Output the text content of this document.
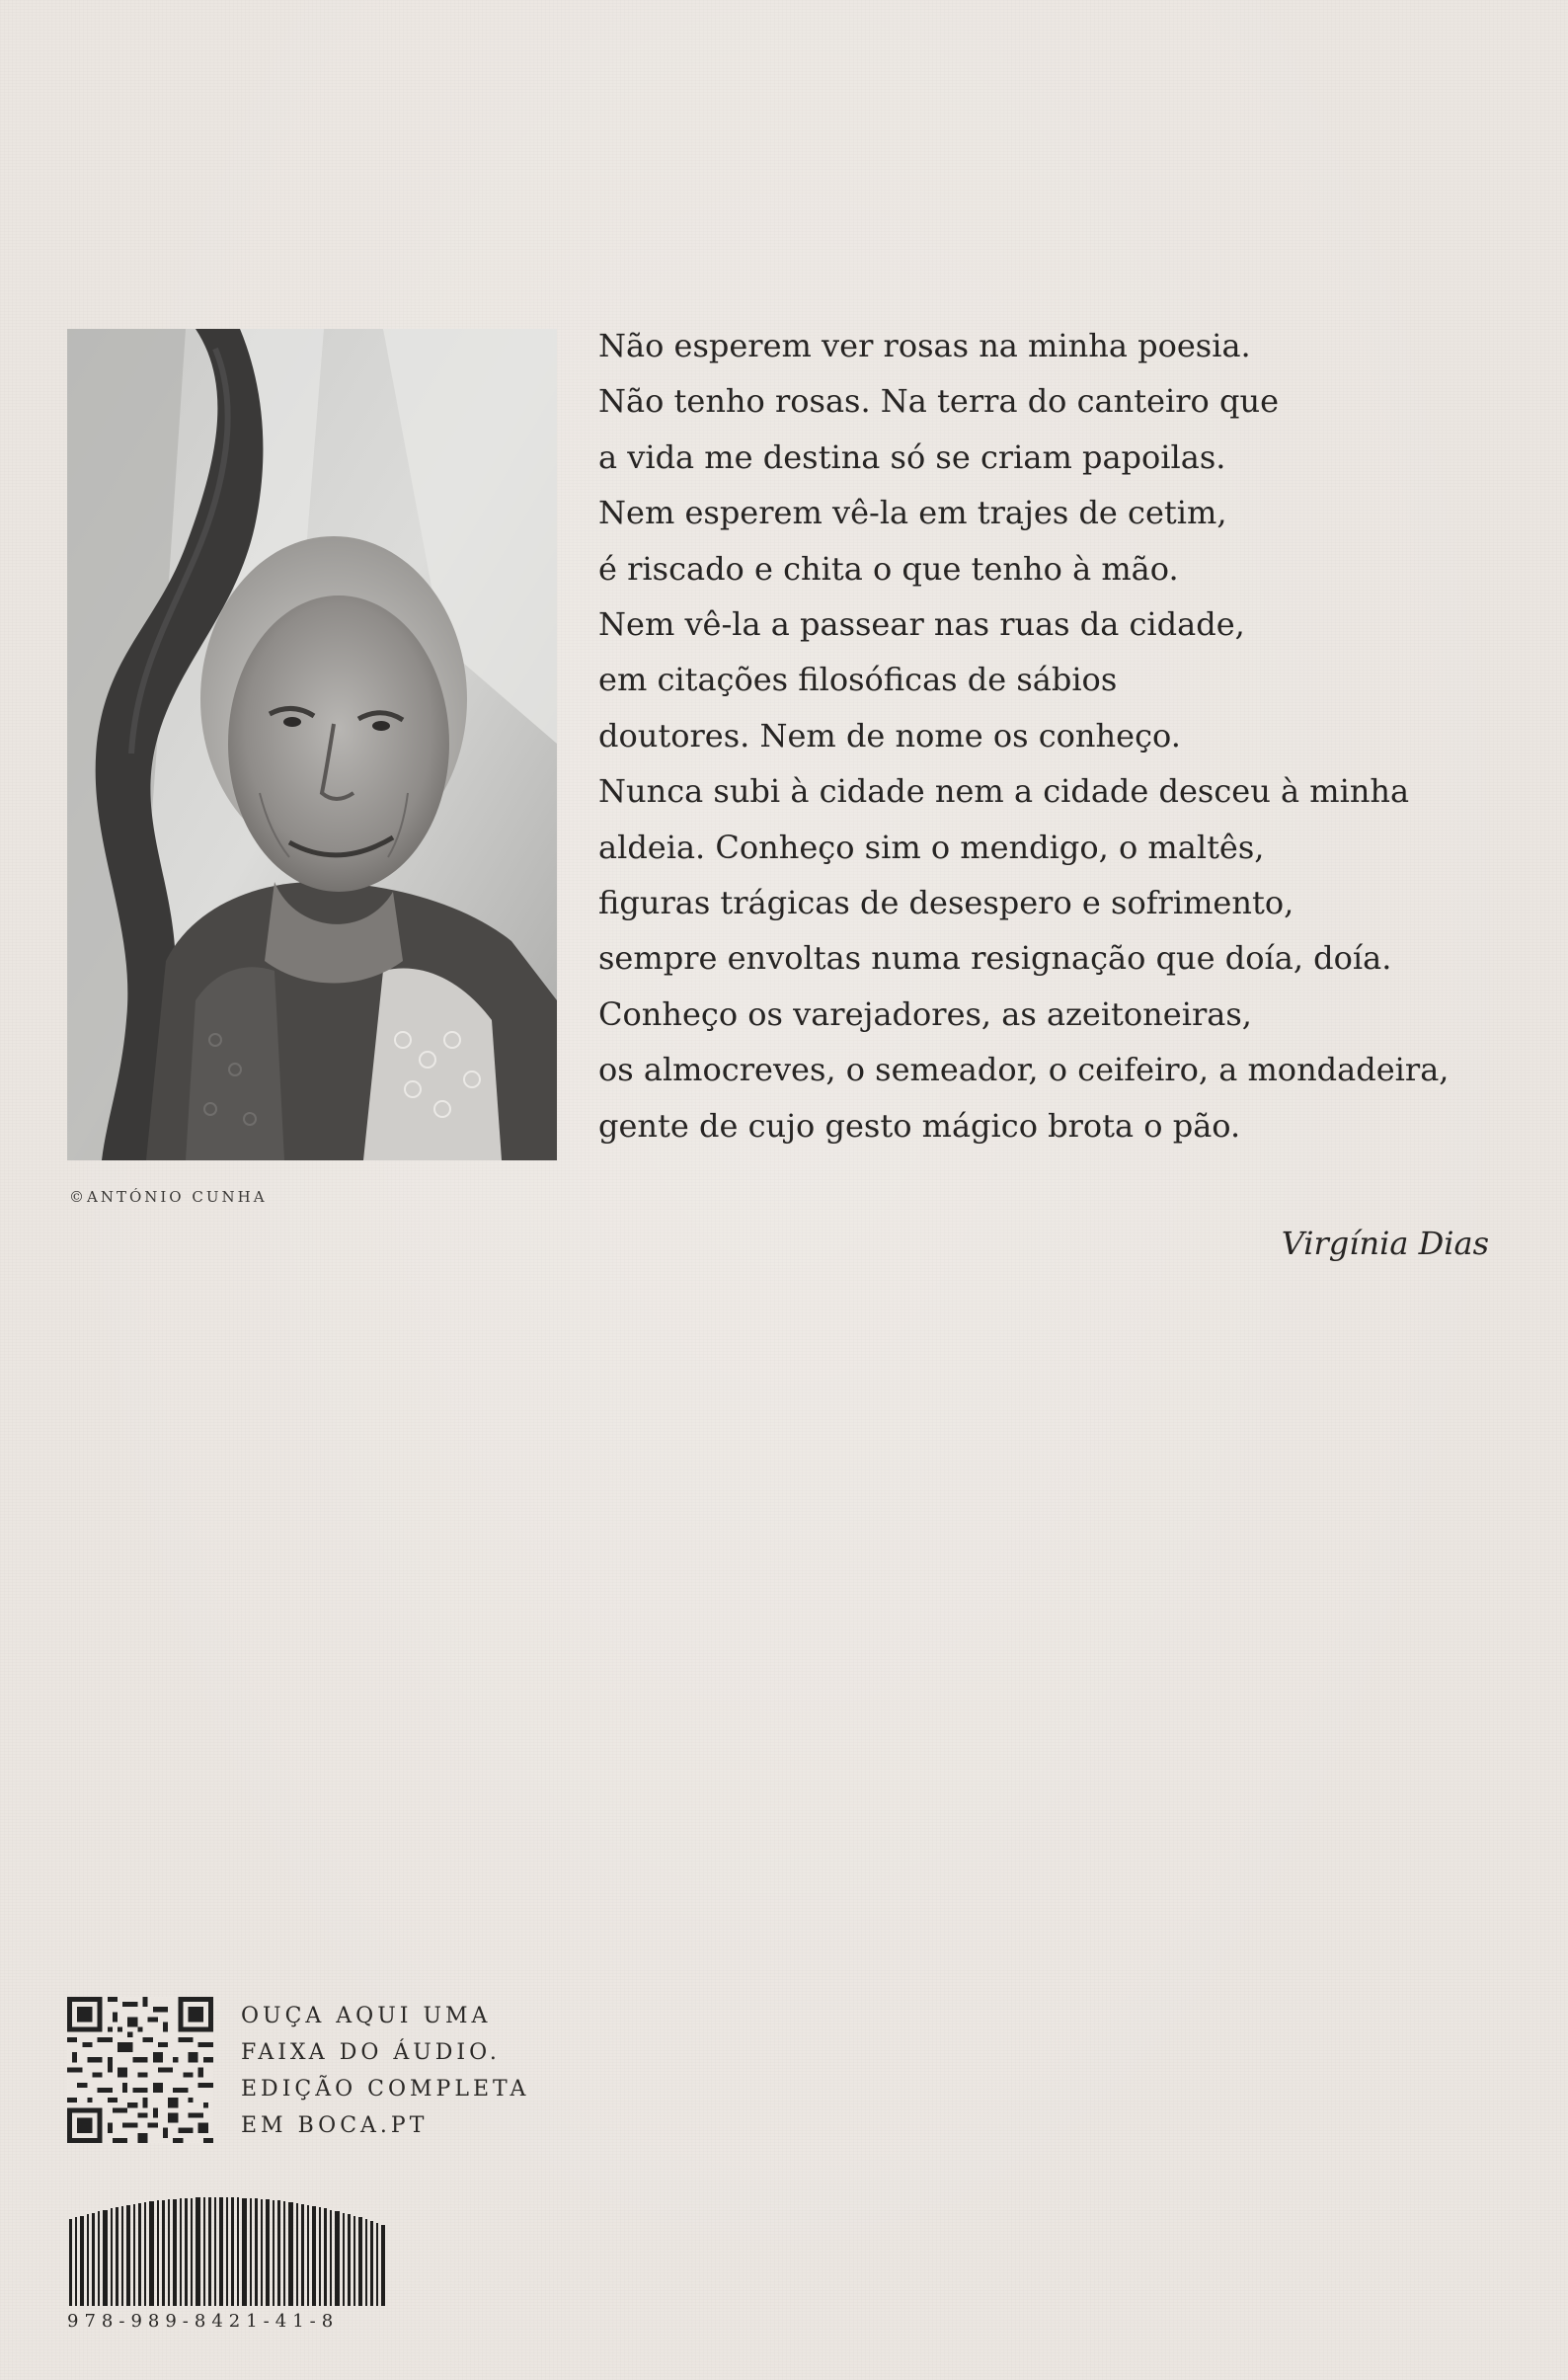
©ANTÓNIO CUNHA
Não esperem ver rosas na minha poesia.
Não tenho rosas. Na terra do canteiro que
a vida me destina só se criam papoilas.
Nem esperem vê-la em trajes de cetim,
é riscado e chita o que tenho à mão.
Nem vê-la a passear nas ruas da cidade,
em citações filosóficas de sábios
doutores. Nem de nome os conheço.
Nunca subi à cidade nem a cidade desceu à minha
aldeia. Conheço sim o mendigo, o maltês,
figuras trágicas de desespero e sofrimento,
sempre envoltas numa resignação que doía, doía.
Conheço os varejadores, as azeitoneiras,
os almocreves, o semeador, o ceifeiro, a mondadeira,
gente de cujo gesto mágico brota o pão.
Virgínia Dias
OUÇA AQUI UMA
FAIXA DO ÁUDIO.
EDIÇÃO COMPLETA
EM BOCA.PT
978-989-8421-41-8
